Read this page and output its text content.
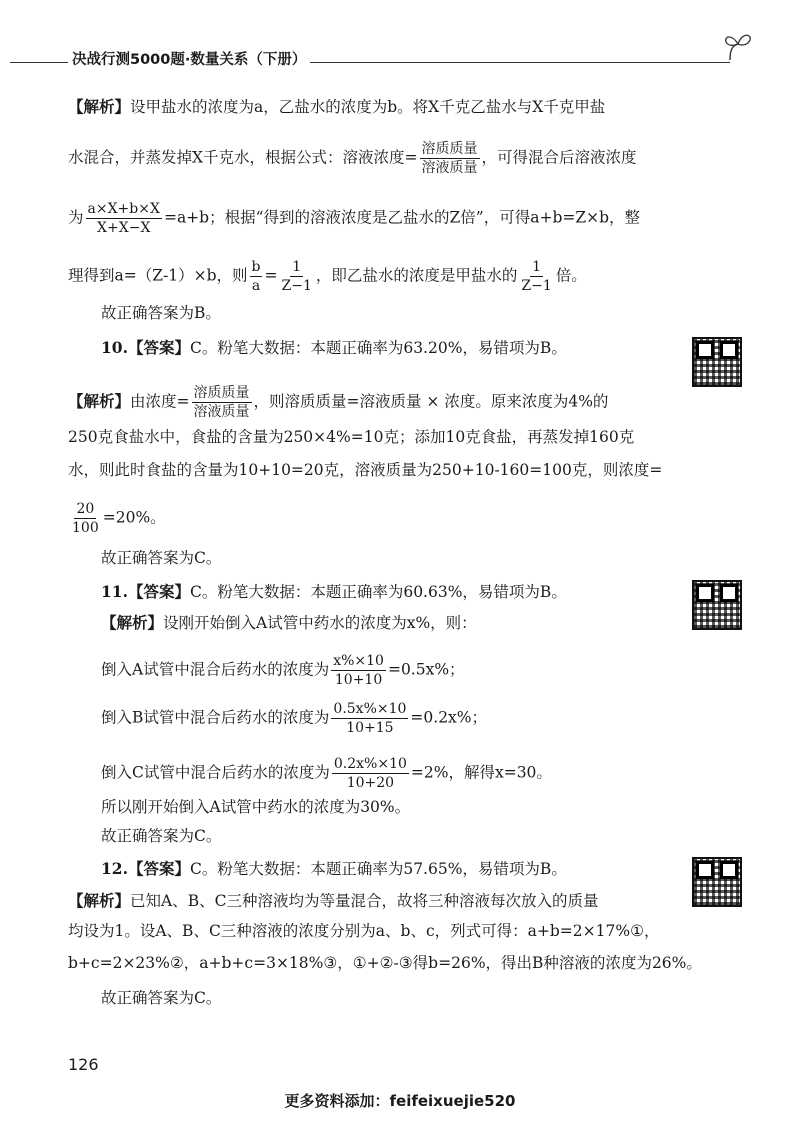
决战行测5000题·数量关系（下册）
【解析】设甲盐水的浓度为a，乙盐水的浓度为b。将X千克乙盐水与X千克甲盐
水混合，并蒸发掉X千克水，根据公式：溶液浓度= $\frac{\text{溶质质量}}{\text{溶液质量}}$ ，可得混合后溶液浓度
为 $\frac{a\times X+b\times X}{X+X-X} =a+b$；根据“得到的溶液浓度是乙盐水的Z倍”，可得a+b=Z×b，整
理得到a=（Z-1）×b，则 $\frac{b}{a} = \frac{1}{Z-1}$ ，即乙盐水的浓度是甲盐水的 $\frac{1}{Z-1}$ 倍。
故正确答案为B。
10.【答案】C。粉笔大数据：本题正确率为63.20%，易错项为B。
【解析】由浓度= $\frac{\text{溶质质量}}{\text{溶液质量}}$ ，则溶质质量=溶液质量 × 浓度。原来浓度为4%的
250克食盐水中，食盐的含量为250×4%=10克；添加10克食盐，再蒸发掉160克
水，则此时食盐的含量为10+10=20克，溶液质量为250+10-160=100克，则浓度=
$\frac{20}{100} =20\%$。
故正确答案为C。
11.【答案】C。粉笔大数据：本题正确率为60.63%，易错项为B。
【解析】设刚开始倒入A试管中药水的浓度为x%，则：
倒入A试管中混合后药水的浓度为 $\frac{x\%\times 10}{10+10} =0.5x\%$；
倒入B试管中混合后药水的浓度为 $\frac{0.5x\%\times 10}{10+15} =0.2x\%$；
倒入C试管中混合后药水的浓度为 $\frac{0.2x\%\times 10}{10+20} =2\%$，解得x=30。
所以刚开始倒入A试管中药水的浓度为30%。
故正确答案为C。
12.【答案】C。粉笔大数据：本题正确率为57.65%，易错项为B。
【解析】已知A、B、C三种溶液均为等量混合，故将三种溶液每次放入的质量
均设为1。设A、B、C三种溶液的浓度分别为a、b、c，列式可得：a+b=2×17%①，
b+c=2×23%②，a+b+c=3×18%③，①+②-③得b=26%，得出B种溶液的浓度为26%。
故正确答案为C。
126
更多资料添加：feifeixuejie520
